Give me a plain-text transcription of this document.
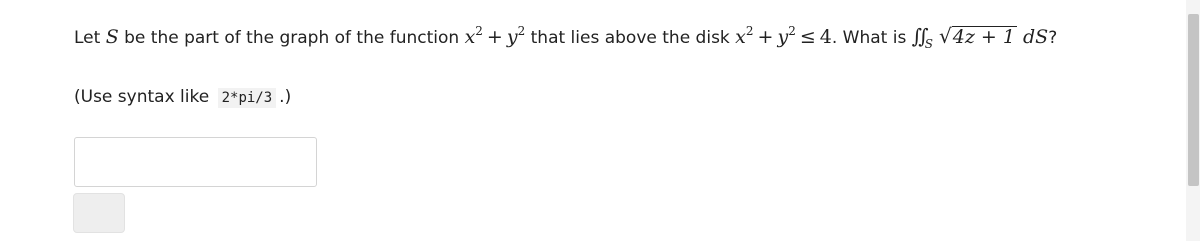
Let S be the part of the graph of the function $x^2 + y^2$ that lies above the disk $x^2 + y^2 \le 4$. What is $∬_S$ √4z + 1 dS?
(Use syntax like 2*pi/3 .)
